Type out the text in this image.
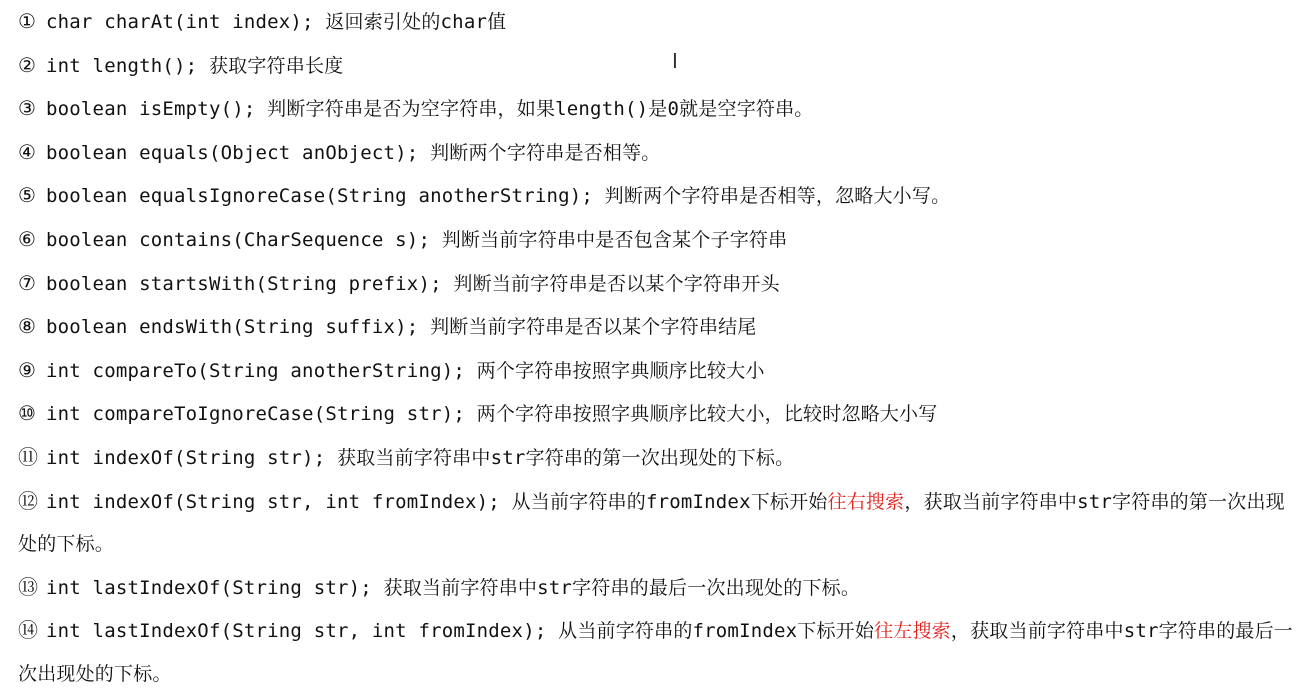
① char charAt(int index); 返回索引处的char值
② int length(); 获取字符串长度
③ boolean isEmpty(); 判断字符串是否为空字符串，如果length()是0就是空字符串。
④ boolean equals(Object anObject); 判断两个字符串是否相等。
⑤ boolean equalsIgnoreCase(String anotherString); 判断两个字符串是否相等，忽略大小写。
⑥ boolean contains(CharSequence s); 判断当前字符串中是否包含某个子字符串
⑦ boolean startsWith(String prefix); 判断当前字符串是否以某个字符串开头
⑧ boolean endsWith(String suffix); 判断当前字符串是否以某个字符串结尾
⑨ int compareTo(String anotherString); 两个字符串按照字典顺序比较大小
⑩ int compareToIgnoreCase(String str); 两个字符串按照字典顺序比较大小，比较时忽略大小写
⑪ int indexOf(String str); 获取当前字符串中str字符串的第一次出现处的下标。
⑫ int indexOf(String str, int fromIndex); 从当前字符串的fromIndex下标开始往右搜索，获取当前字符串中str字符串的第一次出现处的下标。
⑬ int lastIndexOf(String str); 获取当前字符串中str字符串的最后一次出现处的下标。
⑭ int lastIndexOf(String str, int fromIndex); 从当前字符串的fromIndex下标开始往左搜索，获取当前字符串中str字符串的最后一次出现处的下标。
I
